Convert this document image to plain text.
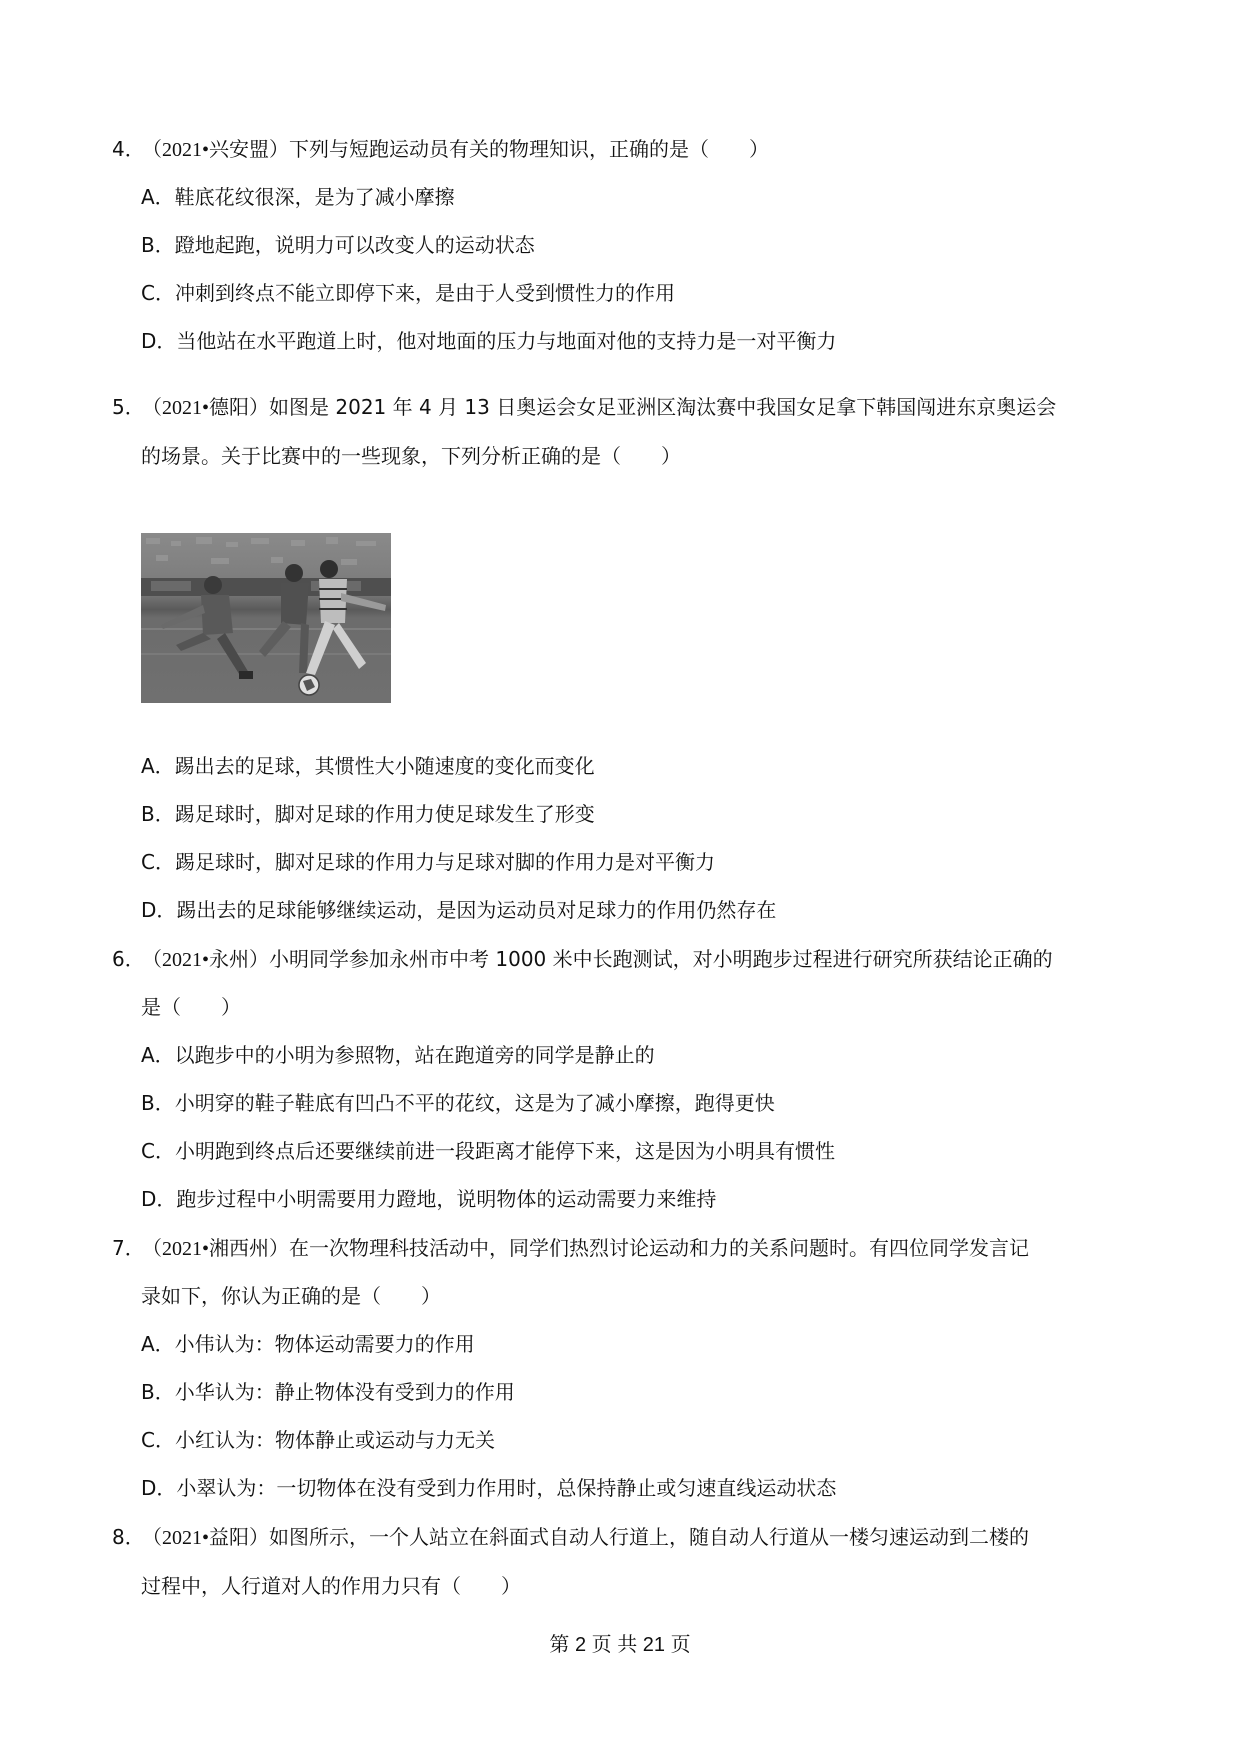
4．（2021•兴安盟）下列与短跑运动员有关的物理知识，正确的是（　　）
A．鞋底花纹很深，是为了减小摩擦
B．蹬地起跑，说明力可以改变人的运动状态
C．冲刺到终点不能立即停下来，是由于人受到惯性力的作用
D．当他站在水平跑道上时，他对地面的压力与地面对他的支持力是一对平衡力
5．（2021•德阳）如图是 2021 年 4 月 13 日奥运会女足亚洲区淘汰赛中我国女足拿下韩国闯进东京奥运会
的场景。关于比赛中的一些现象，下列分析正确的是（　　）
A．踢出去的足球，其惯性大小随速度的变化而变化
B．踢足球时，脚对足球的作用力使足球发生了形变
C．踢足球时，脚对足球的作用力与足球对脚的作用力是对平衡力
D．踢出去的足球能够继续运动，是因为运动员对足球力的作用仍然存在
6．（2021•永州）小明同学参加永州市中考 1000 米中长跑测试，对小明跑步过程进行研究所获结论正确的
是（　　）
A．以跑步中的小明为参照物，站在跑道旁的同学是静止的
B．小明穿的鞋子鞋底有凹凸不平的花纹，这是为了减小摩擦，跑得更快
C．小明跑到终点后还要继续前进一段距离才能停下来，这是因为小明具有惯性
D．跑步过程中小明需要用力蹬地，说明物体的运动需要力来维持
7．（2021•湘西州）在一次物理科技活动中，同学们热烈讨论运动和力的关系问题时。有四位同学发言记
录如下，你认为正确的是（　　）
A．小伟认为：物体运动需要力的作用
B．小华认为：静止物体没有受到力的作用
C．小红认为：物体静止或运动与力无关
D．小翠认为：一切物体在没有受到力作用时，总保持静止或匀速直线运动状态
8．（2021•益阳）如图所示，一个人站立在斜面式自动人行道上，随自动人行道从一楼匀速运动到二楼的
过程中，人行道对人的作用力只有（　　）
第 2 页 共 21 页
